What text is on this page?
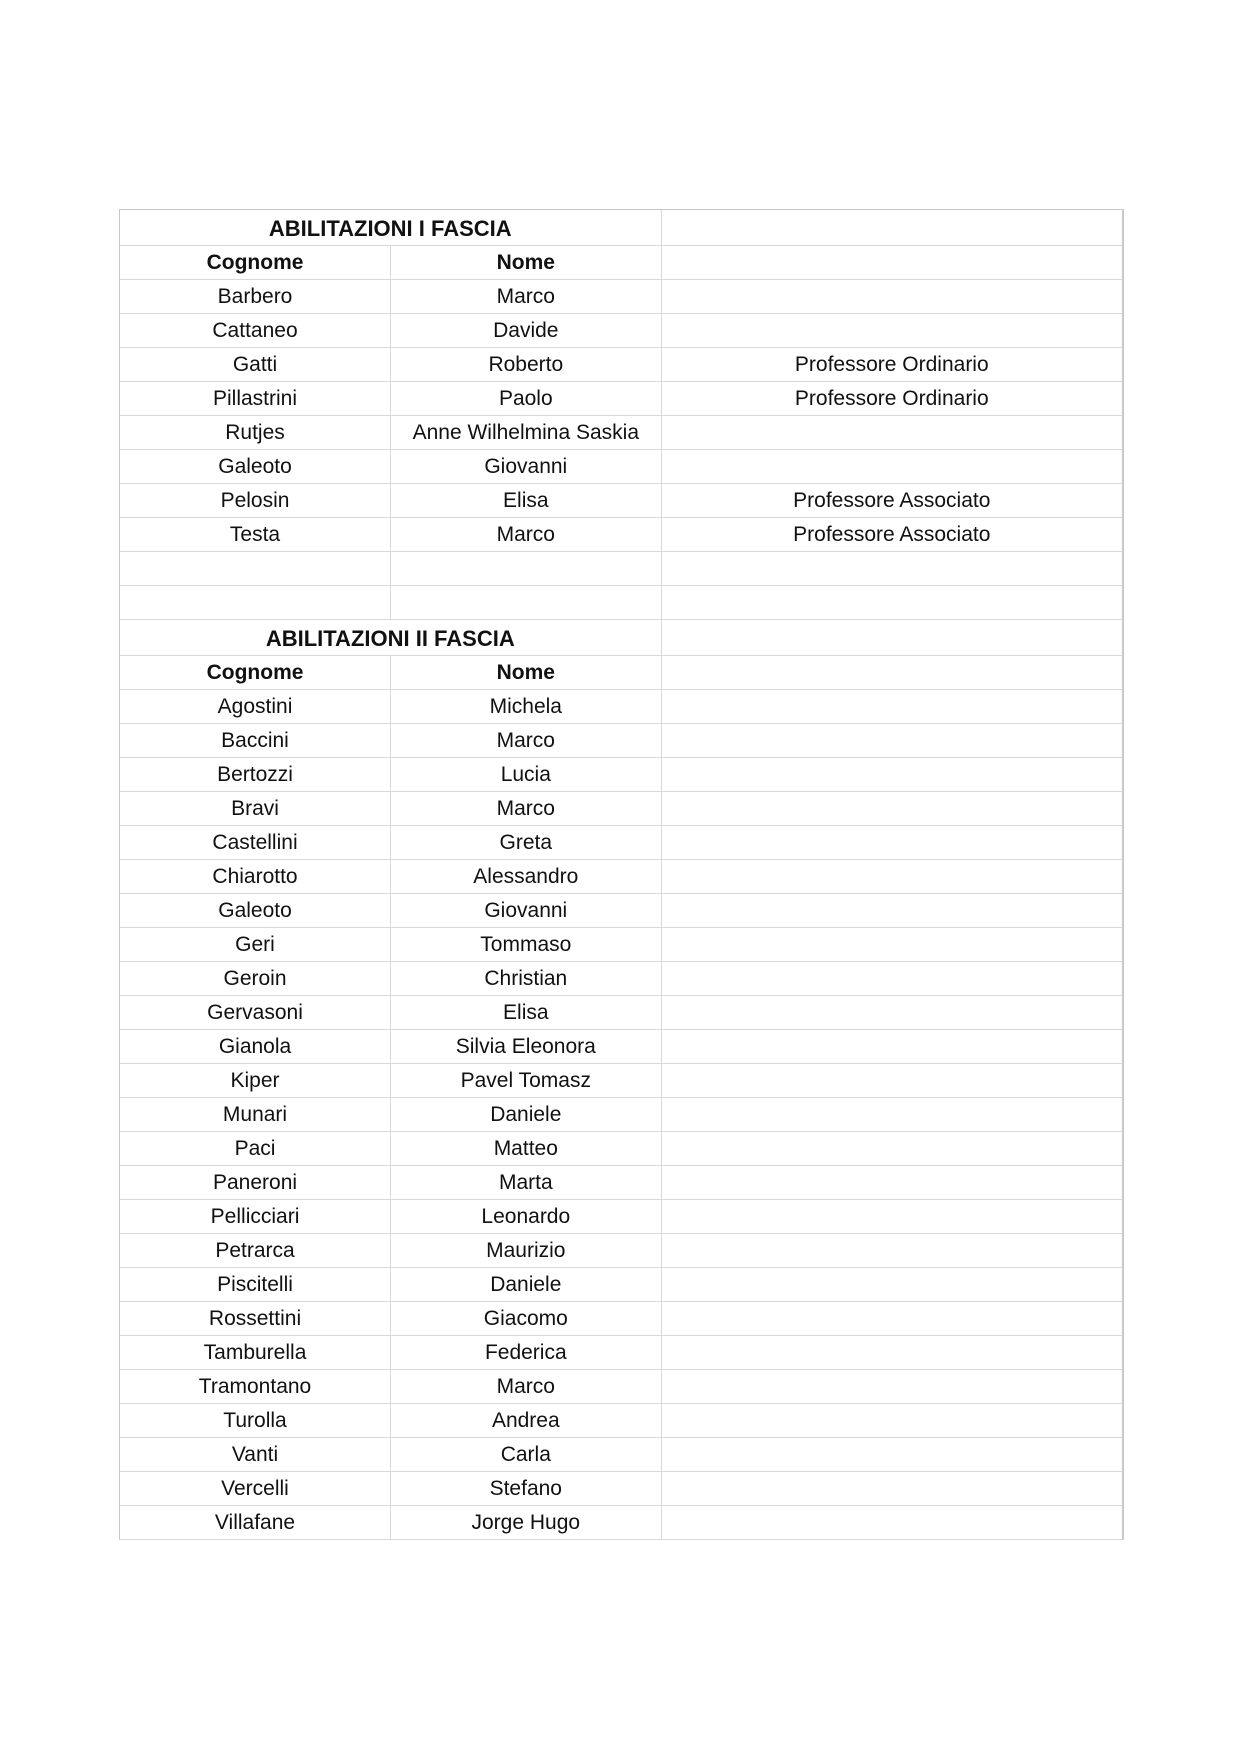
ABILITAZIONI I FASCIA		
Cognome	Nome	
Barbero	Marco	
Cattaneo	Davide	
Gatti	Roberto	Professore Ordinario
Pillastrini	Paolo	Professore Ordinario
Rutjes	Anne Wilhelmina Saskia	
Galeoto	Giovanni	
Pelosin	Elisa	Professore Associato
Testa	Marco	Professore Associato

ABILITAZIONI II FASCIA		
Cognome	Nome	
Agostini	Michela	
Baccini	Marco	
Bertozzi	Lucia	
Bravi	Marco	
Castellini	Greta	
Chiarotto	Alessandro	
Galeoto	Giovanni	
Geri	Tommaso	
Geroin	Christian	
Gervasoni	Elisa	
Gianola	Silvia Eleonora	
Kiper	Pavel Tomasz	
Munari	Daniele	
Paci	Matteo	
Paneroni	Marta	
Pellicciari	Leonardo	
Petrarca	Maurizio	
Piscitelli	Daniele	
Rossettini	Giacomo	
Tamburella	Federica	
Tramontano	Marco	
Turolla	Andrea	
Vanti	Carla	
Vercelli	Stefano	
Villafane	Jorge Hugo	
